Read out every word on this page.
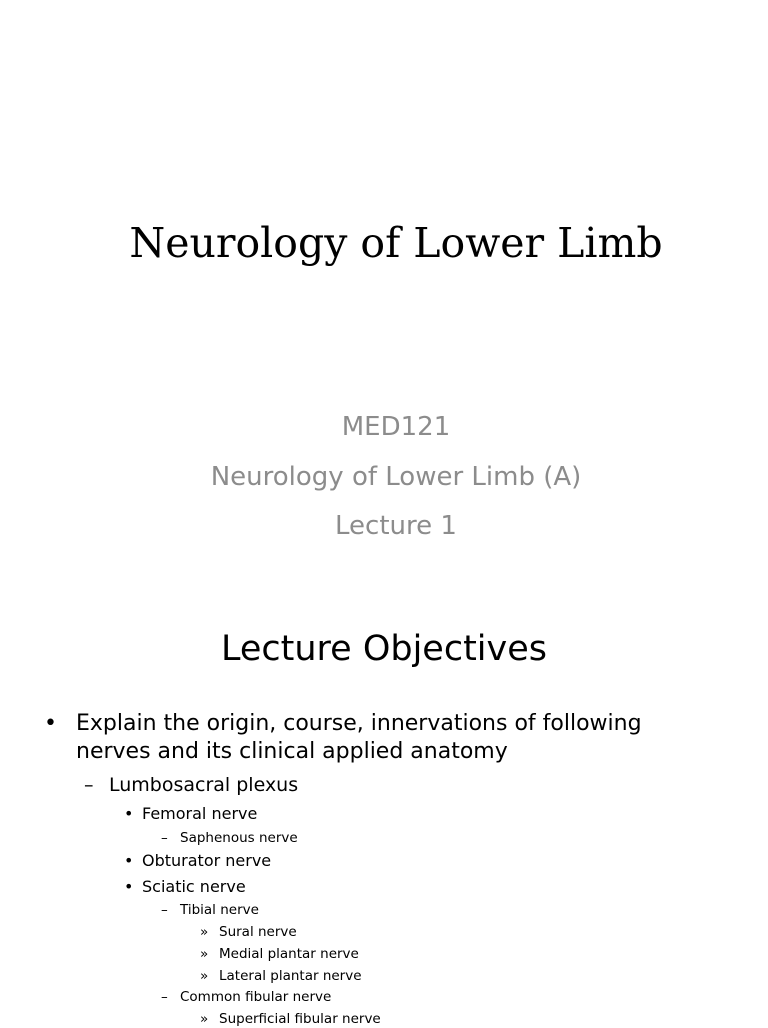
Neurology of Lower Limb
MED121
Neurology of Lower Limb (A)
Lecture 1
Lecture Objectives
• Explain the origin, course, innervations of following
nerves and its clinical applied anatomy
– Lumbosacral plexus
• Femoral nerve
– Saphenous nerve
• Obturator nerve
• Sciatic nerve
– Tibial nerve
» Sural nerve
» Medial plantar nerve
» Lateral plantar nerve
– Common fibular nerve
» Superficial fibular nerve
